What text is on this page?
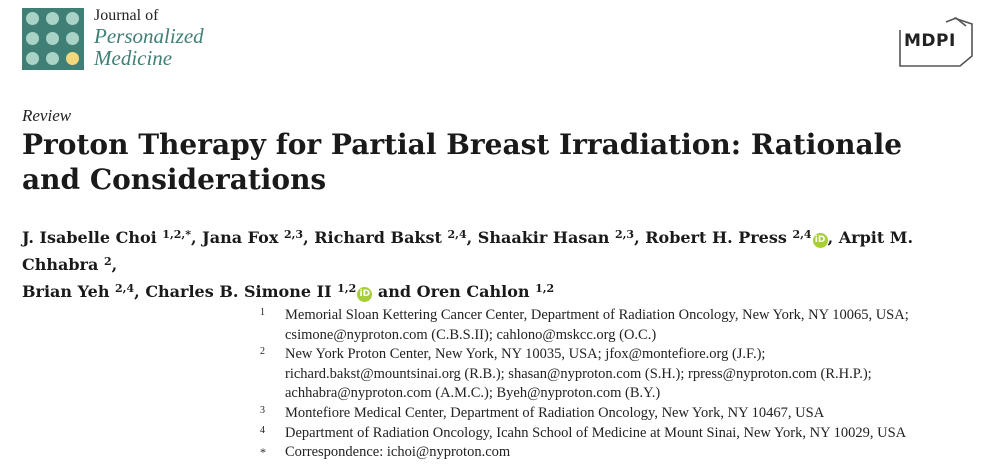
Journal of
Personalized
Medicine
MDPI
Review
Proton Therapy for Partial Breast Irradiation: Rationale
and Considerations
J. Isabelle Choi $^{1,2,*}$, Jana Fox $^{2,3}$, Richard Bakst $^{2,4}$, Shaakir Hasan $^{2,3}$, Robert H. Press $^{2,4}$ iD , Arpit M. Chhabra $^2$,
Brian Yeh $^{2,4}$, Charles B. Simone II $^{1,2}$ iD and Oren Cahlon $^{1,2}$
1 Memorial Sloan Kettering Cancer Center, Department of Radiation Oncology, New York, NY 10065, USA;
csimone@nyproton.com (C.B.S.II); cahlono@mskcc.org (O.C.)
2 New York Proton Center, New York, NY 10035, USA; jfox@montefiore.org (J.F.);
richard.bakst@mountsinai.org (R.B.); shasan@nyproton.com (S.H.); rpress@nyproton.com (R.H.P.);
achhabra@nyproton.com (A.M.C.); Byeh@nyproton.com (B.Y.)
3 Montefiore Medical Center, Department of Radiation Oncology, New York, NY 10467, USA
4 Department of Radiation Oncology, Icahn School of Medicine at Mount Sinai, New York, NY 10029, USA
* Correspondence: ichoi@nyproton.com
